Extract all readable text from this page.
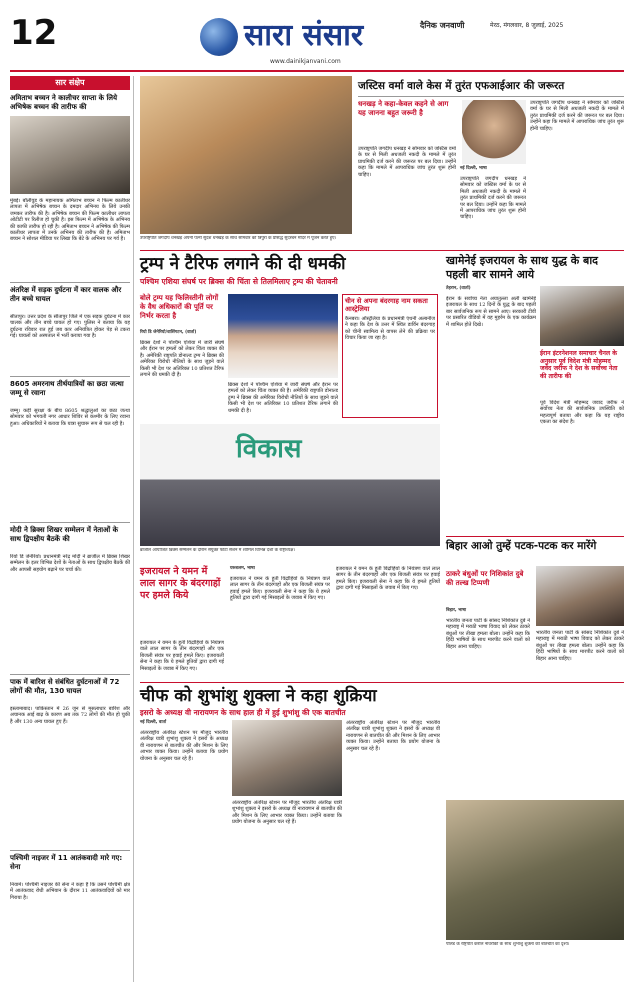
12	सारा संसार
www.dainikjanvani.com
दैनिक जनवाणी	मेरठ, मंगलवार, 8 जुलाई, 2025
सार संक्षेप
अमिताभ बच्चन ने कालीचर साप्ता के लिये अभिषेक बच्चन की तारीफ की
मुंबई। बॉलीवुड के महानायक अमिताभ बच्चन ने फिल्म कालीधर लापता में अभिषेक बच्चन के दमदार अभिनय के लिये उनकी जमकर तारीफ की है। अभिषेक बच्चन की फिल्म कालीधर लापता ओटीटी पर रिलीज हो चुकी है। इस फिल्म में अभिषेक के अभिनय की काफी तारीफ हो रही है। अमिताभ बच्चन ने अभिषेक की फिल्म कालीधर लापता में उनके अभिनय की तारीफ की है। अमिताभ बच्चन ने सोशल मीडिया पर लिखा कि बेटे के अभिनय पर गर्व है।
अंतरिक्ष में सड़क दुर्घटना में कार वालक और तीन बच्चे घायल
सीतापुर। उत्तर प्रदेश के सीतापुर जिले में एक सड़क दुर्घटना में कार चालक और तीन बच्चे घायल हो गए। पुलिस ने बताया कि यह दुर्घटना रविवार रात हुई जब कार अनियंत्रित होकर पेड़ से टकरा गई। घायलों को अस्पताल में भर्ती कराया गया है।
8605 अमरनाथ तीर्थयात्रियों का छठा जत्था जम्मू से रवाना
जम्मू। कड़ी सुरक्षा के बीच 8605 श्रद्धालुओं का छठा जत्था सोमवार को भगवती नगर आधार शिविर से कश्मीर के लिए रवाना हुआ। अधिकारियों ने बताया कि यात्रा सुचारू रूप से चल रही है।
मोदी ने ब्रिक्स शिखर सम्मेलन में नेताओं के साथ द्विपक्षीय बैठकें की
रियो डि जेनेरियो। प्रधानमंत्री नरेंद्र मोदी ने ब्राजील में ब्रिक्स शिखर सम्मेलन के इतर विभिन्न देशों के नेताओं के साथ द्विपक्षीय बैठकें कीं और आपसी सहयोग बढ़ाने पर चर्चा की।
पाक में बारिश से संबंधित दुर्घटनाओं में 72 लोगों की मौत, 130 घायल
इस्लामाबाद। पाकिस्तान में 26 जून से मूसलाधार बारिश और अचानक आई बाढ़ के कारण अब तक 72 लोगों की मौत हो चुकी है और 130 अन्य घायल हुए हैं।
पश्चिमी नाइजर में 11 आतंकवादी मारे गए: सेना
नियामे। पश्चिमी नाइजर की सेना ने कहा है कि उसने पश्चिमी क्षेत्र में आतंकवाद रोधी अभियान के दौरान 11 आतंकवादियों को मार गिराया है।
उपराष्ट्रपति जगदीप धनखड़ अपनी पत्नी सुदेश धनखड़ के साथ सोमवार को त्रिपुरा के प्रसिद्ध सुंदरबन मंदिर में पूजन करते हुए।
जस्टिस वर्मा वाले केस में तुरंत एफआईआर की जरूरत
धनखड़ ने कहा-केवल कहने से आग यह जानना बहुत जरूरी है
उपराष्ट्रपति जगदीप धनखड़ ने सोमवार को जस्टिस वर्मा के घर से मिली अधजली नकदी के मामले में तुरंत प्राथमिकी दर्ज करने की जरूरत पर बल दिया। उन्होंने कहा कि मामले में आपराधिक जांच तुरंत शुरू होनी चाहिए।
नई दिल्ली, भाषा
उपराष्ट्रपति जगदीप धनखड़ ने सोमवार को जस्टिस वर्मा के घर से मिली अधजली नकदी के मामले में तुरंत प्राथमिकी दर्ज करने की जरूरत पर बल दिया। उन्होंने कहा कि मामले में आपराधिक जांच तुरंत शुरू होनी चाहिए।
उपराष्ट्रपति जगदीप धनखड़ ने सोमवार को जस्टिस वर्मा के घर से मिली अधजली नकदी के मामले में तुरंत प्राथमिकी दर्ज करने की जरूरत पर बल दिया। उन्होंने कहा कि मामले में आपराधिक जांच तुरंत शुरू होनी चाहिए।
ट्रम्प ने टैरिफ लगाने की दी धमकी
पश्चिम एशिया संघर्ष पर ब्रिक्स की चिंता से तिलमिलाए ट्रम्प की चेतावनी
बोले ट्रम्प यह फिलिस्तीनी लोगों के वैध अधिकारों की पूर्ति पर निर्भर करता है
रियो डि जेनेरियो/वाशिंगटन, (वार्ता)
ब्रिक्स देशों ने पश्चिम एशिया में जारी संघर्ष और ईरान पर हमलों को लेकर चिंता व्यक्त की है। अमेरिकी राष्ट्रपति डोनाल्ड ट्रम्प ने ब्रिक्स की अमेरिका विरोधी नीतियों के साथ जुड़ने वाले किसी भी देश पर अतिरिक्त 10 प्रतिशत टैरिफ लगाने की धमकी दी है।
ब्रिक्स देशों ने पश्चिम एशिया में जारी संघर्ष और ईरान पर हमलों को लेकर चिंता व्यक्त की है। अमेरिकी राष्ट्रपति डोनाल्ड ट्रम्प ने ब्रिक्स की अमेरिका विरोधी नीतियों के साथ जुड़ने वाले किसी भी देश पर अतिरिक्त 10 प्रतिशत टैरिफ लगाने की धमकी दी है।
चीन से अपना बंदरगाह नाम सकता आस्ट्रेलिया
कैनबरा। ऑस्ट्रेलिया के प्रधानमंत्री एंथनी अल्बनीज ने कहा कि देश के उत्तर में स्थित डार्विन बंदरगाह को चीनी स्वामित्व से वापस लेने की प्रक्रिया पर विचार किया जा रहा है।
खामेनेई इजरायल के साथ युद्ध के बाद पहली बार सामने आये
तेहरान, (वार्ता)
ईरान के सर्वोच्च नेता अयातुल्ला अली खामेनेई इजरायल के साथ 12 दिनों के युद्ध के बाद पहली बार सार्वजनिक रूप से सामने आए। सरकारी टीवी पर प्रसारित वीडियो में वह मुहर्रम के एक कार्यक्रम में शामिल होते दिखे।
ईरान इंटरनेशनल समाचार चैनल के अनुसार पूर्व विदेश मंत्री मोहम्मद जवेद जरीफ ने देश के सर्वोच्च नेता की तारीफ की
पूर्व विदेश मंत्री मोहम्मद जवाद जरीफ ने सर्वोच्च नेता की सार्वजनिक उपस्थिति को महत्वपूर्ण बताया और कहा कि यह राष्ट्रीय एकता का संदेश है।
विकास
ब्राजील आयोजित ब्रिक्स सम्मेलन के दौरान संयुक्त फोटो सेशन में शामिल विभिन्न देशों के राष्ट्राध्यक्ष।	बिहार आओ तुम्हें पटक-पटक कर मारेंगे
ठाकरे बंधुओं पर निशिकांत दुबे की तल्ख टिप्पणी
बिहार, भाषा
भारतीय जनता पार्टी के सांसद निशिकांत दुबे ने महाराष्ट्र में मराठी भाषा विवाद को लेकर ठाकरे बंधुओं पर तीखा हमला बोला। उन्होंने कहा कि हिंदी भाषियों के साथ मारपीट करने वालों को बिहार आना चाहिए।
भारतीय जनता पार्टी के सांसद निशिकांत दुबे ने महाराष्ट्र में मराठी भाषा विवाद को लेकर ठाकरे बंधुओं पर तीखा हमला बोला। उन्होंने कहा कि हिंदी भाषियों के साथ मारपीट करने वालों को बिहार आना चाहिए।
इजरायल ने यमन में लाल सागर के बंदरगाहों पर हमले किये
यरुशलम, भाषा
इजरायल ने यमन के हूती विद्रोहियों के नियंत्रण वाले लाल सागर के तीन बंदरगाहों और एक बिजली संयंत्र पर हवाई हमले किए। इजरायली सेना ने कहा कि ये हमले हूतियों द्वारा दागी गई मिसाइलों के जवाब में किए गए।
इजरायल ने यमन के हूती विद्रोहियों के नियंत्रण वाले लाल सागर के तीन बंदरगाहों और एक बिजली संयंत्र पर हवाई हमले किए। इजरायली सेना ने कहा कि ये हमले हूतियों द्वारा दागी गई मिसाइलों के जवाब में किए गए।
इजरायल ने यमन के हूती विद्रोहियों के नियंत्रण वाले लाल सागर के तीन बंदरगाहों और एक बिजली संयंत्र पर हवाई हमले किए। इजरायली सेना ने कहा कि ये हमले हूतियों द्वारा दागी गई मिसाइलों के जवाब में किए गए।
चीफ को शुभांशु शुक्ला ने कहा शुक्रिया
इसरो के अध्यक्ष वी नारायणन के साथ हाल ही में हुई शुभांशु की एक बातचीत
नई दिल्ली, वार्ता
अंतरराष्ट्रीय अंतरिक्ष स्टेशन पर मौजूद भारतीय अंतरिक्ष यात्री शुभांशु शुक्ला ने इसरो के अध्यक्ष वी नारायणन से बातचीत की और मिशन के लिए आभार व्यक्त किया। उन्होंने बताया कि प्रयोग योजना के अनुसार चल रहे हैं।
अंतरराष्ट्रीय अंतरिक्ष स्टेशन पर मौजूद भारतीय अंतरिक्ष यात्री शुभांशु शुक्ला ने इसरो के अध्यक्ष वी नारायणन से बातचीत की और मिशन के लिए आभार व्यक्त किया। उन्होंने बताया कि प्रयोग योजना के अनुसार चल रहे हैं।
अंतरराष्ट्रीय अंतरिक्ष स्टेशन पर मौजूद भारतीय अंतरिक्ष यात्री शुभांशु शुक्ला ने इसरो के अध्यक्ष वी नारायणन से बातचीत की और मिशन के लिए आभार व्यक्त किया। उन्होंने बताया कि प्रयोग योजना के अनुसार चल रहे हैं।
पोलैंड के राष्ट्रपति करोल नावरोकी के साथ शुभांशु शुक्ला की बातचीत का दृश्य।
